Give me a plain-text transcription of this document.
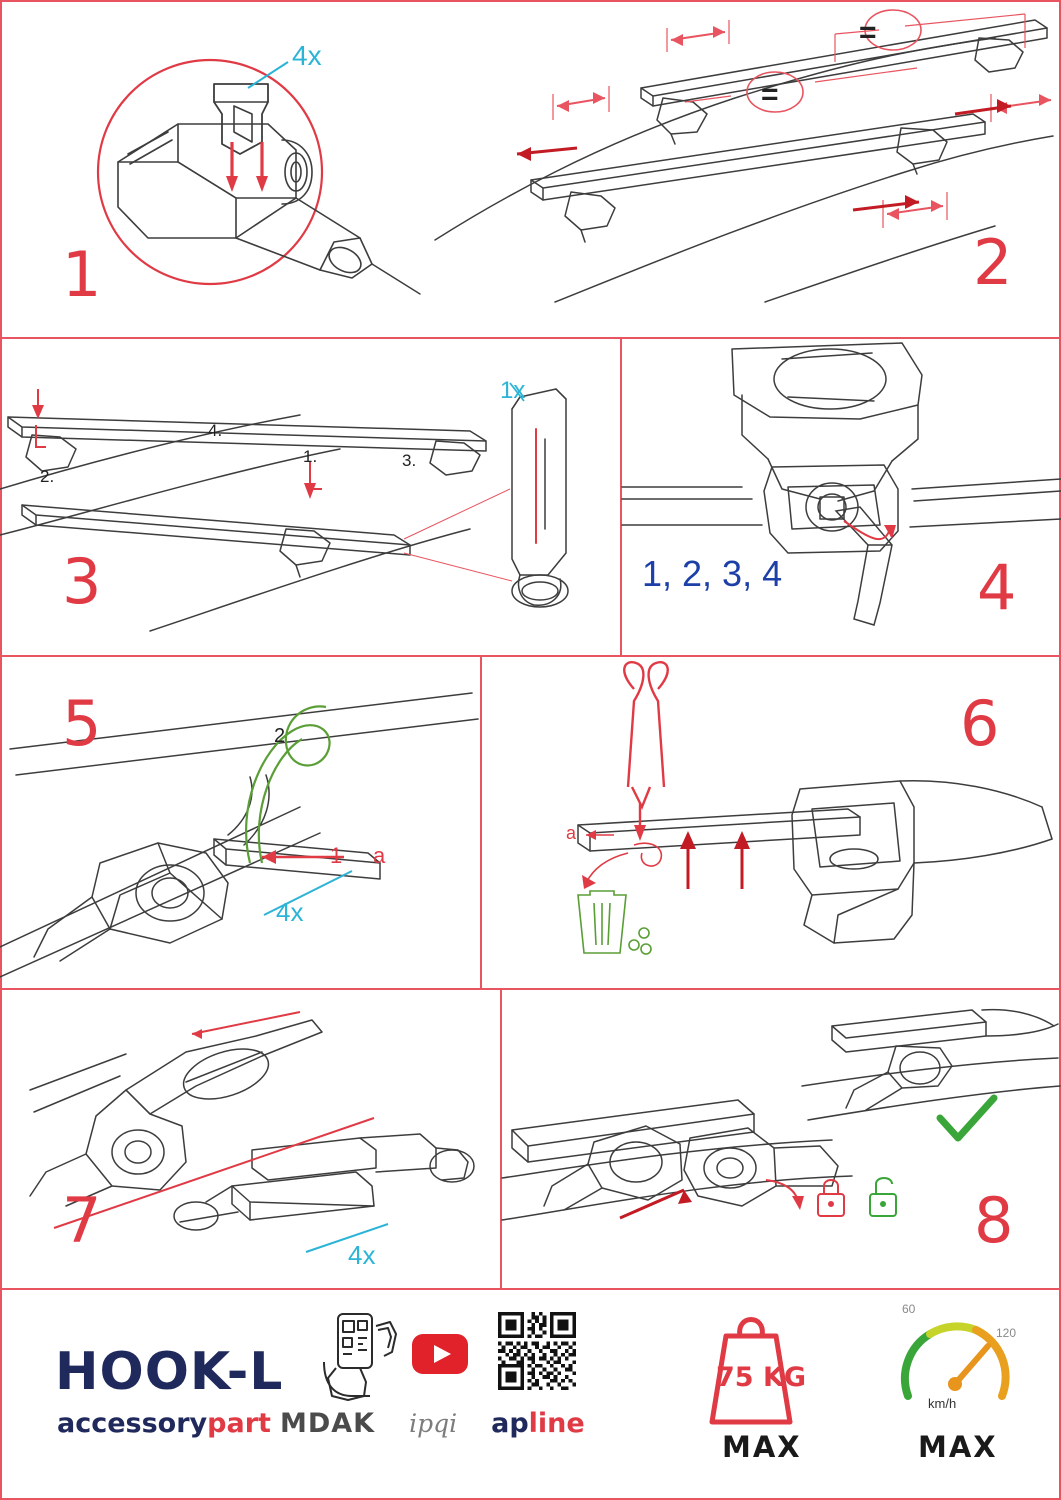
4x
1
=
=
2
1.
2.
3.
4.
1x
3	1, 2, 3, 4	4
1
2
a
4x
5
a
6
4x
7	8
HOOK-L
accessorypart MDAK ipqi apline
75 KG
MAX
60
120
km/h
MAX
